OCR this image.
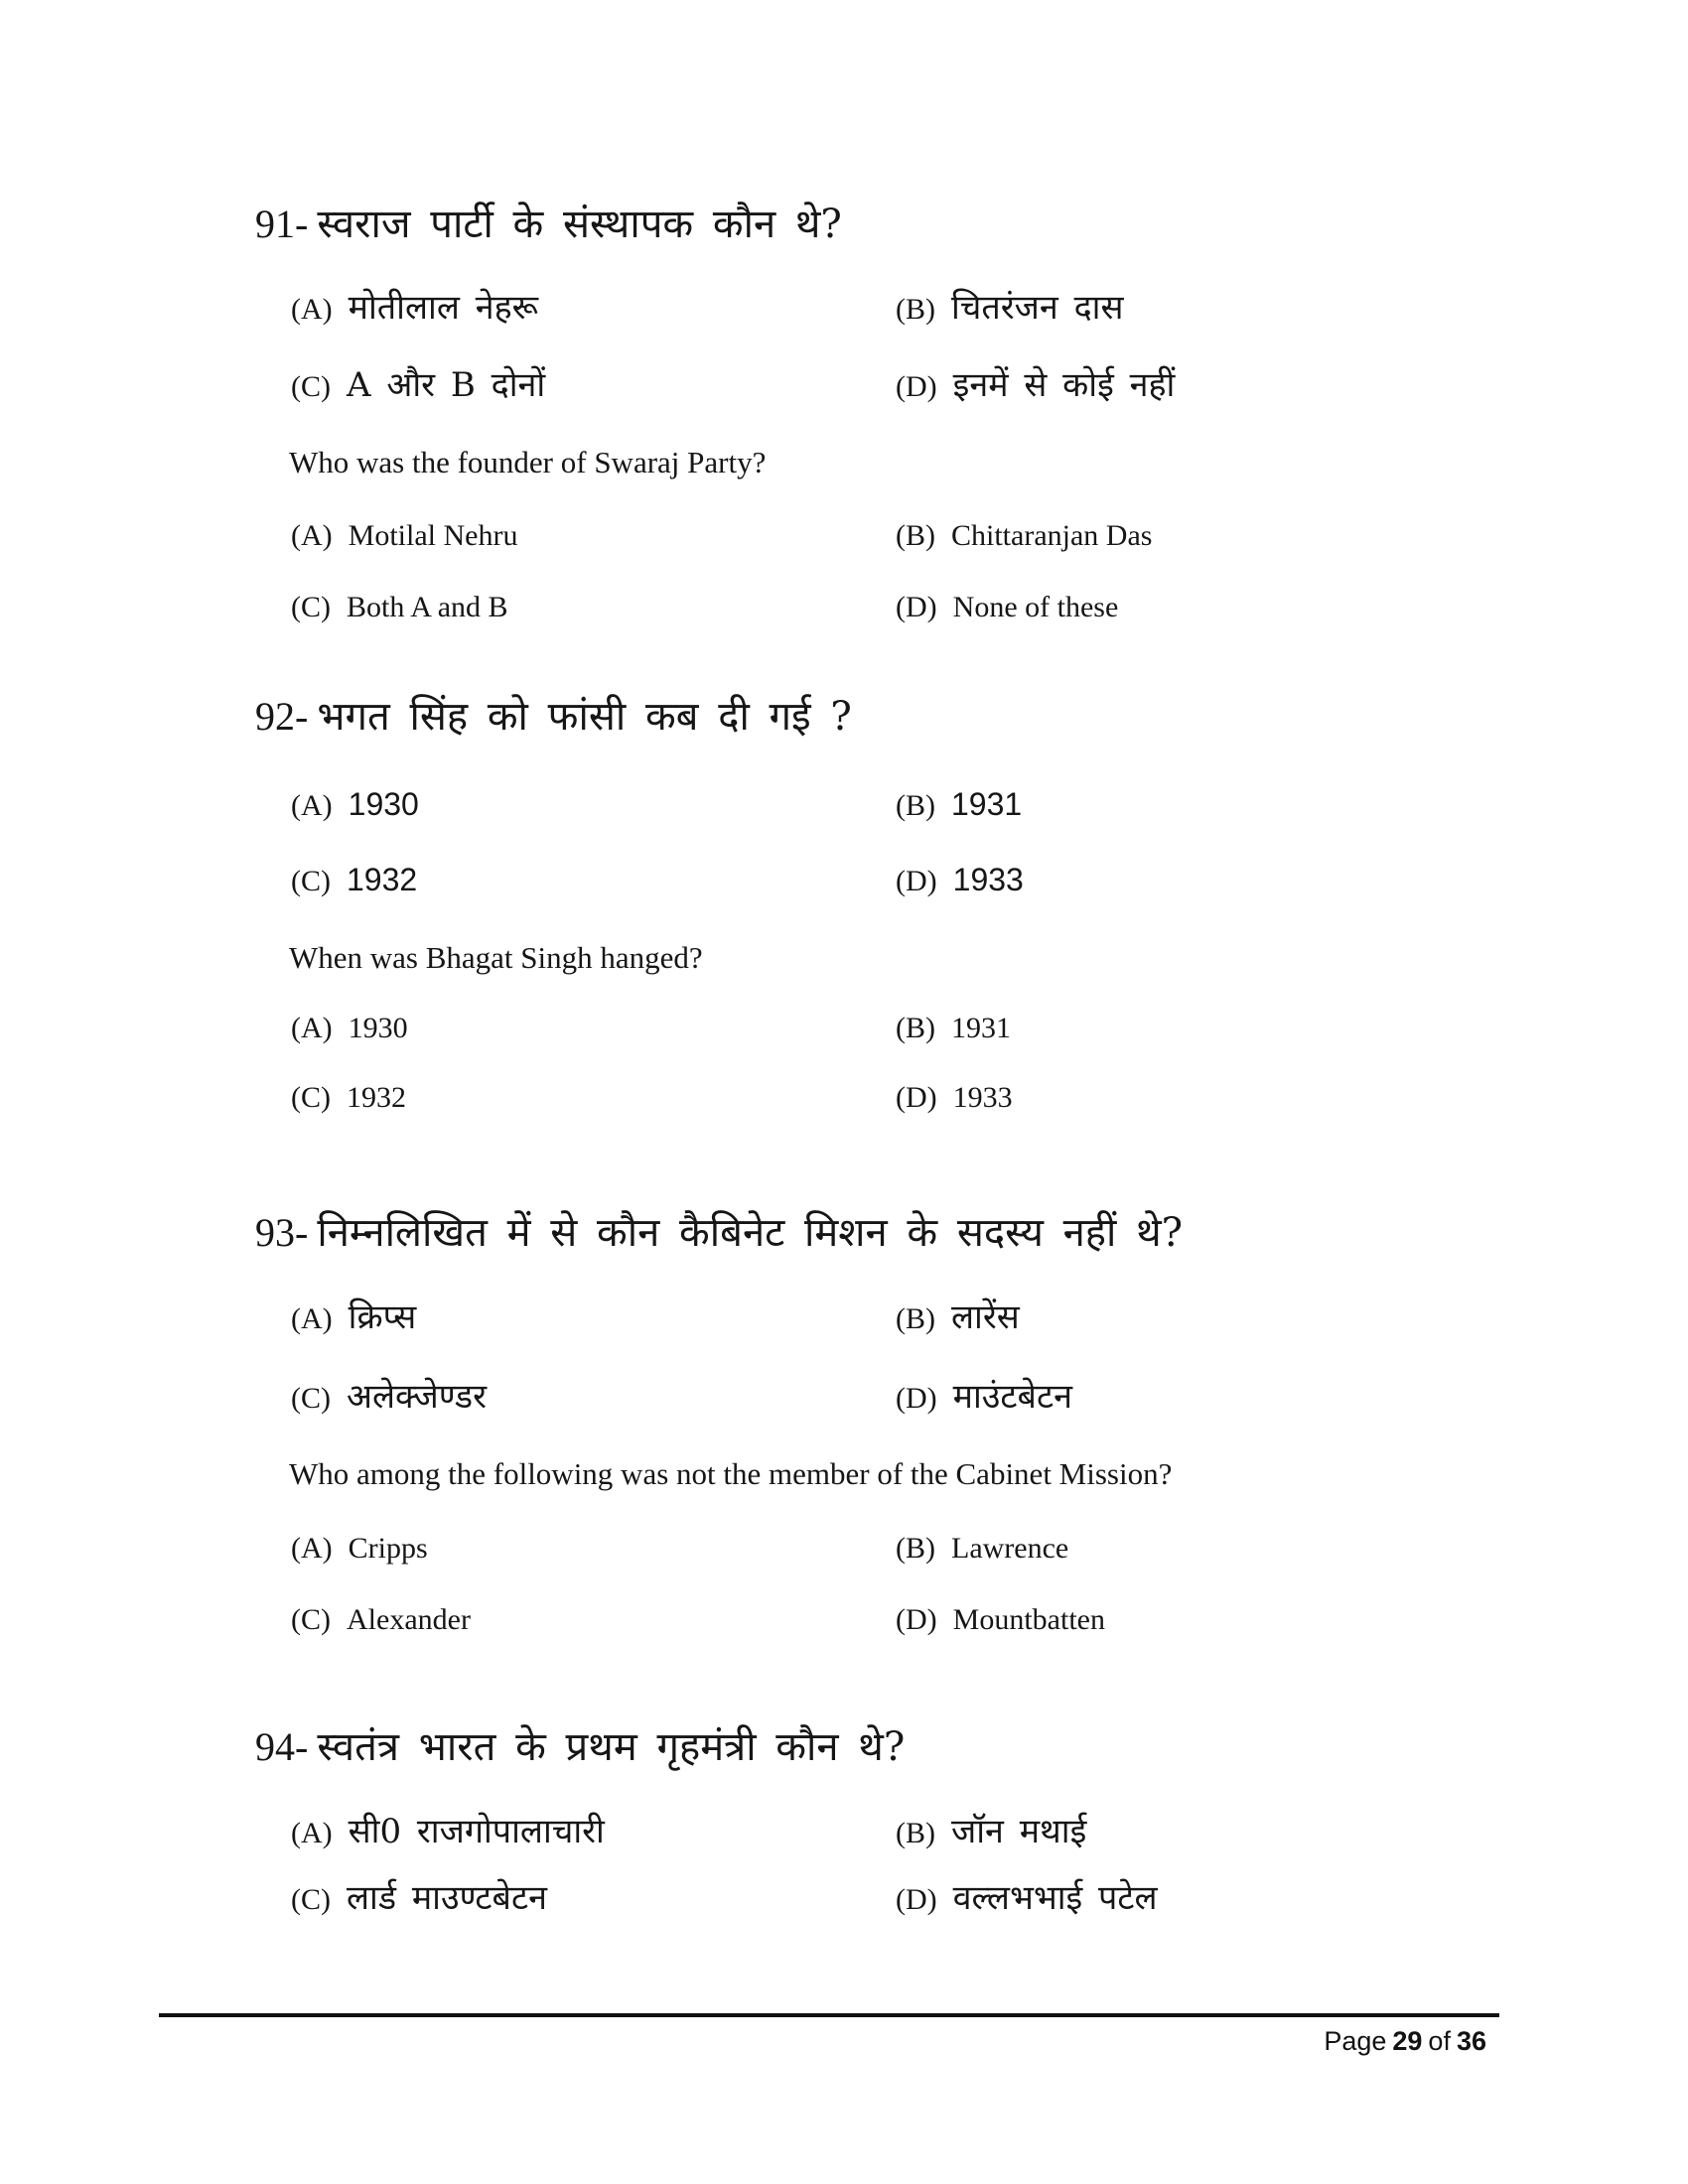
91- स्वराज पार्टी के संस्थापक कौन थे?
(A) मोतीलाल नेहरू	(B) चितरंजन दास
(C) A और B दोनों	(D) इनमें से कोई नहीं
Who was the founder of Swaraj Party?
(A) Motilal Nehru	(B) Chittaranjan Das
(C) Both A and B	(D) None of these
92- भगत सिंह को फांसी कब दी गई ?
(A) 1930	(B) 1931
(C) 1932	(D) 1933
When was Bhagat Singh hanged?
(A) 1930	(B) 1931
(C) 1932	(D) 1933
93- निम्नलिखित में से कौन कैबिनेट मिशन के सदस्य नहीं थे?
(A) क्रिप्स	(B) लारेंस
(C) अलेक्जेण्डर	(D) माउंटबेटन
Who among the following was not the member of the Cabinet Mission?
(A) Cripps	(B) Lawrence
(C) Alexander	(D) Mountbatten
94- स्वतंत्र भारत के प्रथम गृहमंत्री कौन थे?
(A) सी0 राजगोपालाचारी	(B) जॉन मथाई
(C) लार्ड माउण्टबेटन	(D) वल्लभभाई पटेल
Page 29 of 36
